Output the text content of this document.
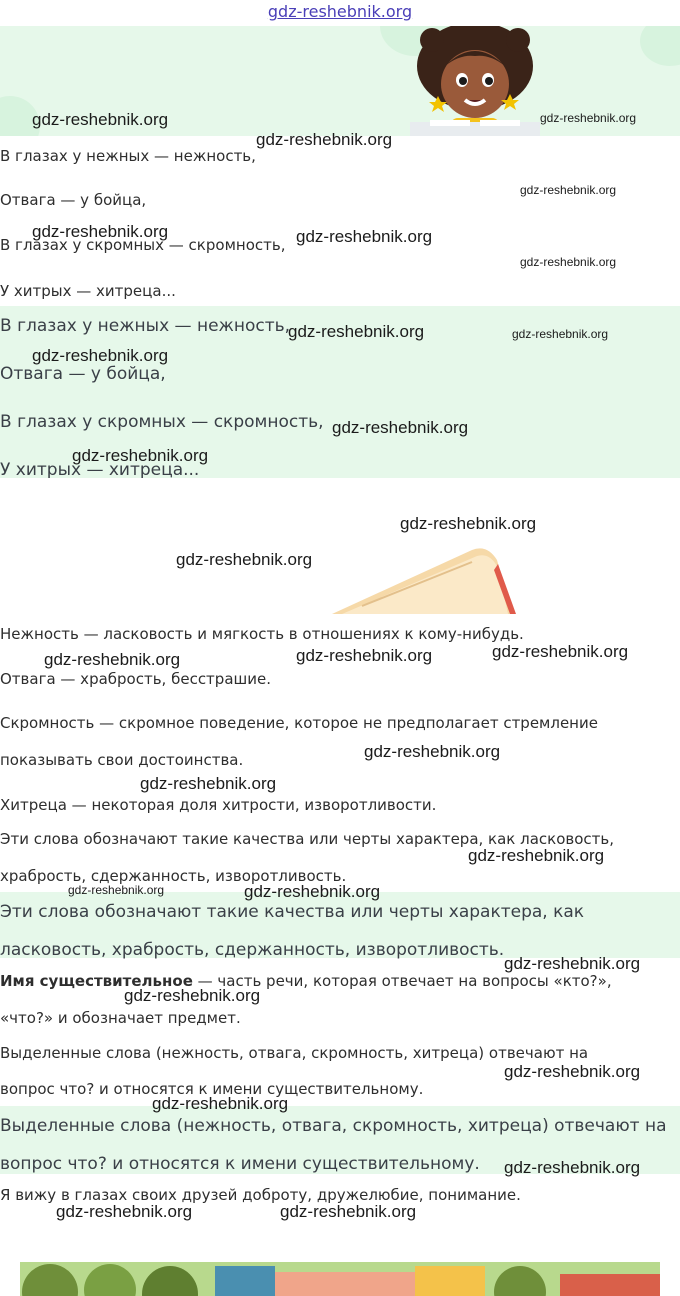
gdz-reshebnik.org
В глазах у нежных — нежность,
Отвага — у бойца,
В глазах у скромных — скромность,
У хитрых — хитреца...
В глазах у нежных — нежность,
Отвага — у бойца,
В глазах у скромных — скромность,
У хитрых — хитреца...
Нежность — ласковость и мягкость в отношениях к кому-нибудь.
Отвага — храбрость, бесстрашие.
Скромность — скромное поведение, которое не предполагает стремление
показывать свои достоинства.
Хитреца — некоторая доля хитрости, изворотливости.
Эти слова обозначают такие качества или черты характера, как ласковость,
храбрость, сдержанность, изворотливость.
Эти слова обозначают такие качества или черты характера, как
ласковость, храбрость, сдержанность, изворотливость.
Имя существительное — часть речи, которая отвечает на вопросы «кто?»,
«что?» и обозначает предмет.
Выделенные слова (нежность, отвага, скромность, хитреца) отвечают на
вопрос что? и относятся к имени существительному.
Выделенные слова (нежность, отвага, скромность, хитреца) отвечают на
вопрос что? и относятся к имени существительному.
Я вижу в глазах своих друзей доброту, дружелюбие, понимание.
gdz-reshebnik.org	gdz-reshebnik.org
gdz-reshebnik.org
gdz-reshebnik.org
gdz-reshebnik.org	gdz-reshebnik.org
gdz-reshebnik.org
gdz-reshebnik.org	gdz-reshebnik.org
gdz-reshebnik.org
gdz-reshebnik.org
gdz-reshebnik.org
gdz-reshebnik.org
gdz-reshebnik.org
gdz-reshebnik.org	gdz-reshebnik.org	gdz-reshebnik.org
gdz-reshebnik.org
gdz-reshebnik.org
gdz-reshebnik.org
gdz-reshebnik.org	gdz-reshebnik.org
gdz-reshebnik.org
gdz-reshebnik.org
gdz-reshebnik.org
gdz-reshebnik.org
gdz-reshebnik.org
gdz-reshebnik.org	gdz-reshebnik.org
